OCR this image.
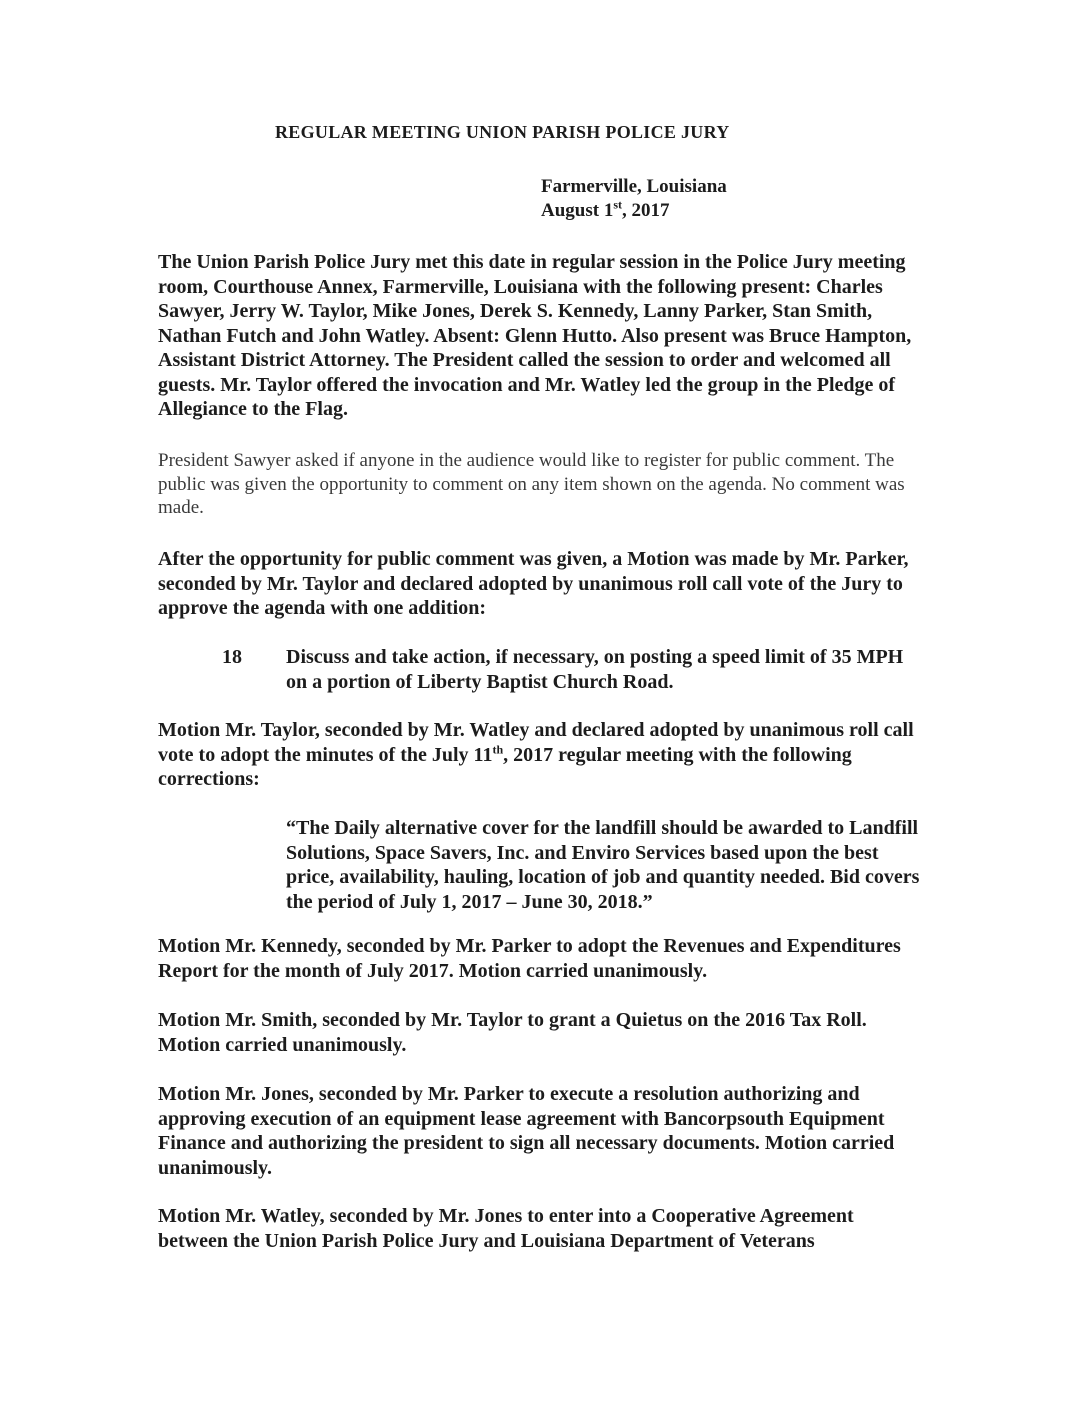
REGULAR MEETING UNION PARISH POLICE JURY

Farmerville, Louisiana
August 1st, 2017

The Union Parish Police Jury met this date in regular session in the Police Jury meeting room, Courthouse Annex, Farmerville, Louisiana with the following present: Charles Sawyer, Jerry W. Taylor, Mike Jones, Derek S. Kennedy, Lanny Parker, Stan Smith, Nathan Futch and John Watley. Absent: Glenn Hutto. Also present was Bruce Hampton, Assistant District Attorney. The President called the session to order and welcomed all guests. Mr. Taylor offered the invocation and Mr. Watley led the group in the Pledge of Allegiance to the Flag.

President Sawyer asked if anyone in the audience would like to register for public comment. The public was given the opportunity to comment on any item shown on the agenda. No comment was made.

After the opportunity for public comment was given, a Motion was made by Mr. Parker, seconded by Mr. Taylor and declared adopted by unanimous roll call vote of the Jury to approve the agenda with one addition:

18 Discuss and take action, if necessary, on posting a speed limit of 35 MPH on a portion of Liberty Baptist Church Road.

Motion Mr. Taylor, seconded by Mr. Watley and declared adopted by unanimous roll call vote to adopt the minutes of the July 11th, 2017 regular meeting with the following corrections:

“The Daily alternative cover for the landfill should be awarded to Landfill Solutions, Space Savers, Inc. and Enviro Services based upon the best price, availability, hauling, location of job and quantity needed. Bid covers the period of July 1, 2017 – June 30, 2018.”

Motion Mr. Kennedy, seconded by Mr. Parker to adopt the Revenues and Expenditures Report for the month of July 2017. Motion carried unanimously.

Motion Mr. Smith, seconded by Mr. Taylor to grant a Quietus on the 2016 Tax Roll. Motion carried unanimously.

Motion Mr. Jones, seconded by Mr. Parker to execute a resolution authorizing and approving execution of an equipment lease agreement with Bancorpsouth Equipment Finance and authorizing the president to sign all necessary documents. Motion carried unanimously.

Motion Mr. Watley, seconded by Mr. Jones to enter into a Cooperative Agreement between the Union Parish Police Jury and Louisiana Department of Veterans
